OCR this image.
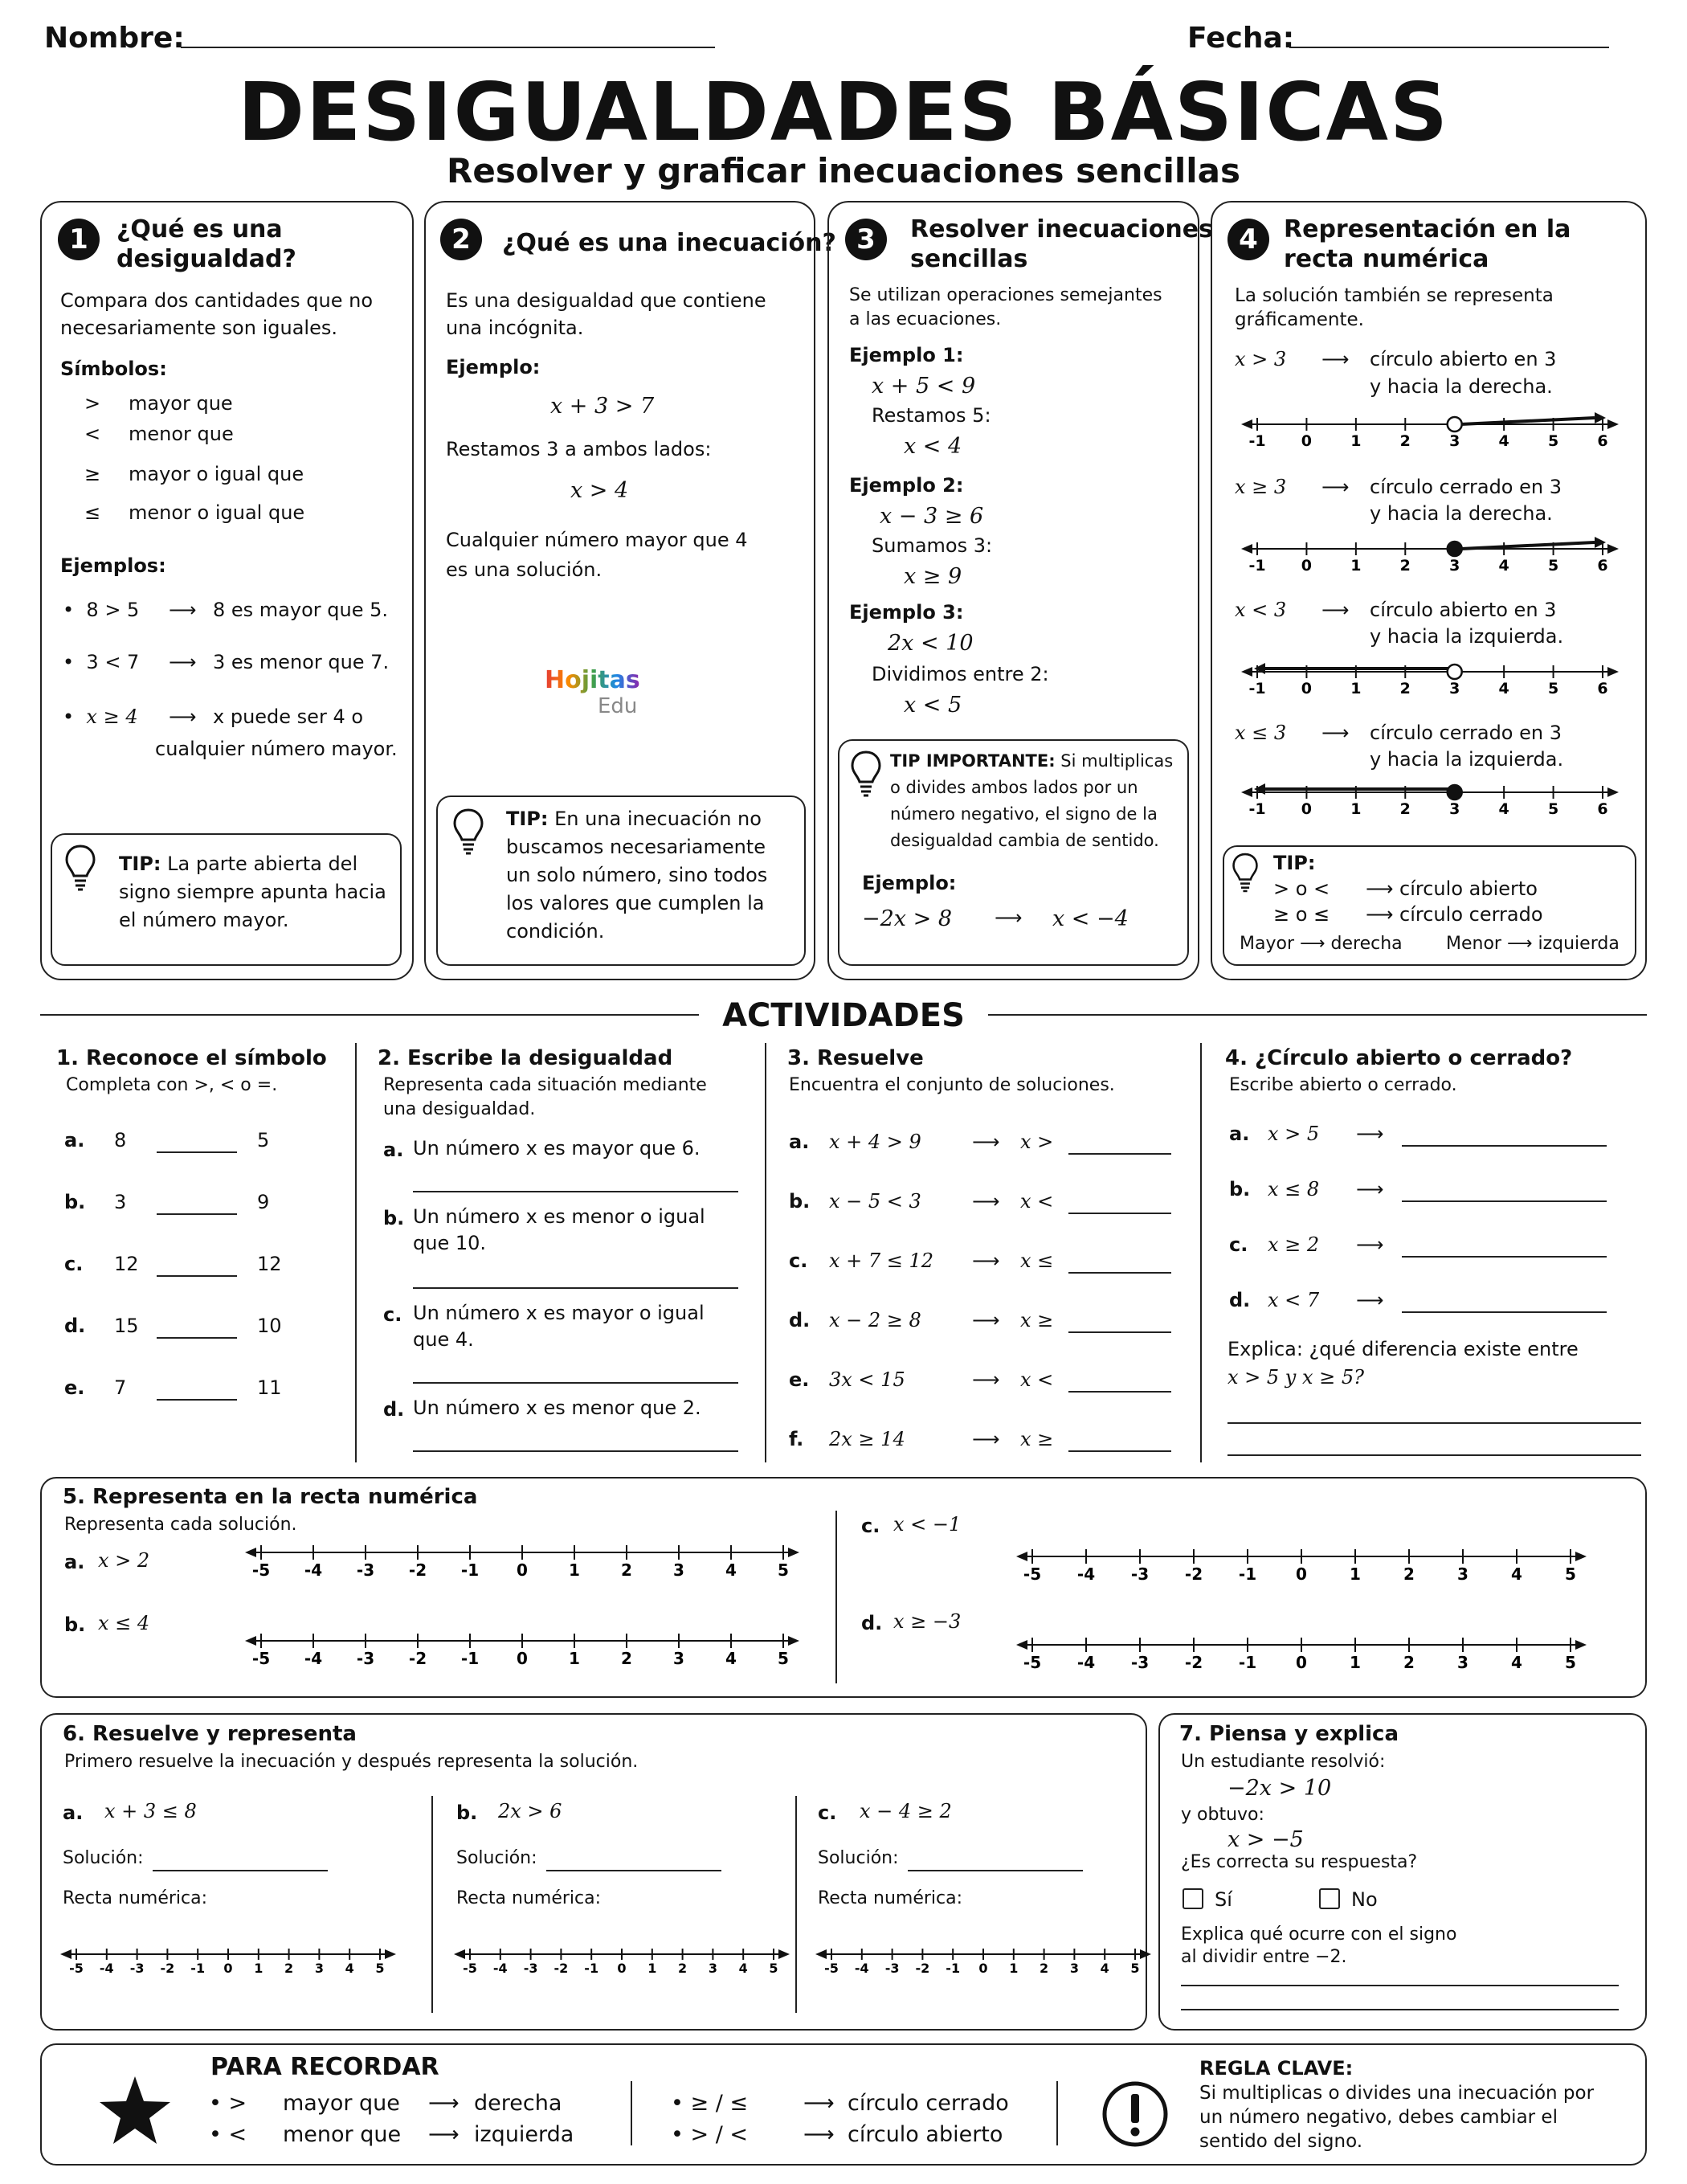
Nombre:	Fecha:
DESIGUALDADES BÁSICAS
Resolver y graficar inecuaciones sencillas
1	¿Qué es una
desigualdad?
Compara dos cantidades que no
necesariamente son iguales.
Símbolos:
> mayor que
< menor que
≥ mayor o igual que
≤ menor o igual que
Ejemplos:
•  8 > 5 ⟶ 8 es mayor que 5.
•  3 < 7 ⟶ 3 es menor que 7.
•  x ≥ 4 ⟶ x puede ser 4 o
cualquier número mayor.
TIP: La parte abierta del
signo siempre apunta hacia
el número mayor.
2	¿Qué es una inecuación?
Es una desigualdad que contiene
una incógnita.
Ejemplo:
x + 3 > 7
Restamos 3 a ambos lados:
x > 4
Cualquier número mayor que 4
es una solución.
Hojitas
Edu
TIP: En una inecuación no
buscamos necesariamente
un solo número, sino todos
los valores que cumplen la
condición.
3	Resolver inecuaciones
sencillas
Se utilizan operaciones semejantes
a las ecuaciones.
Ejemplo 1:
x + 5 < 9
Restamos 5:
x < 4
Ejemplo 2:
x − 3 ≥ 6
Sumamos 3:
x ≥ 9
Ejemplo 3:
2x < 10
Dividimos entre 2:
x < 5
TIP IMPORTANTE: Si multiplicas
o divides ambos lados por un
número negativo, el signo de la
desigualdad cambia de sentido.
Ejemplo:
−2x > 8 ⟶ x < −4
4	Representación en la
recta numérica
La solución también se representa
gráficamente.
x > 3 ⟶ círculo abierto en 3
y hacia la derecha.
-1 0	1	2	3	4	5	6
x ≥ 3 ⟶ círculo cerrado en 3
y hacia la derecha.
-1 0	1	2	3	4	5	6
x < 3 ⟶ círculo abierto en 3
y hacia la izquierda.
-1 0	1	2	3	4	5	6
x ≤ 3 ⟶ círculo cerrado en 3
y hacia la izquierda.
-1 0	1	2	3	4	5	6
TIP:
> o < ⟶ círculo abierto
≥ o ≤ ⟶ círculo cerrado
Mayor ⟶ derecha Menor ⟶ izquierda
ACTIVIDADES
1. Reconoce el símbolo
Completa con >, < o =.
a. 8	5
b. 3	9
c. 12	12
d. 15	10
e. 7	11
2. Escribe la desigualdad
Representa cada situación mediante
una desigualdad.
a. Un número x es mayor que 6.
b. Un número x es menor o igual
que 10.
c. Un número x es mayor o igual
que 4.
d. Un número x es menor que 2.
3. Resuelve
Encuentra el conjunto de soluciones.
a. x + 4 > 9	⟶ x >
b. x − 5 < 3	⟶ x <
c. x + 7 ≤ 12 ⟶ x ≤
d. x − 2 ≥ 8	⟶ x ≥
e. 3x < 15	⟶ x <
f. 2x ≥ 14	⟶ x ≥
4. ¿Círculo abierto o cerrado?
Escribe abierto o cerrado.
a. x > 5 ⟶
b. x ≤ 8 ⟶
c. x ≥ 2 ⟶
d. x < 7 ⟶
Explica: ¿qué diferencia existe entre
x > 5 y x ≥ 5?
5. Representa en la recta numérica
Representa cada solución.
a. x > 2	-5 -4 -3 -2 -1 0	1	2	3	4	5
b. x ≤ 4
-5 -4 -3 -2 -1 0	1	2	3	4	5
c. x < −1
-5 -4 -3 -2 -1 0	1	2	3	4	5
d. x ≥ −3
-5 -4 -3 -2 -1 0	1	2	3	4	5
6. Resuelve y representa
Primero resuelve la inecuación y después representa la solución.
a. x + 3 ≤ 8
Solución:
Recta numérica:
-5 -4 -3 -2 -1 0 1 2 3 4 5
b. 2x > 6
Solución:
Recta numérica:
-5 -4 -3 -2 -1 0 1 2 3 4 5
c. x − 4 ≥ 2
Solución:
Recta numérica:
-5 -4 -3 -2 -1 0 1 2 3 4 5
7. Piensa y explica
Un estudiante resolvió:
−2x > 10
y obtuvo:
x > −5
¿Es correcta su respuesta?
Sí	No
Explica qué ocurre con el signo
al dividir entre −2.
PARA RECORDAR
• > mayor que ⟶ derecha
• < menor que ⟶ izquierda
• ≥ / ≤	⟶ círculo cerrado
• > / <	⟶ círculo abierto
REGLA CLAVE:
Si multiplicas o divides una inecuación por
un número negativo, debes cambiar el
sentido del signo.
